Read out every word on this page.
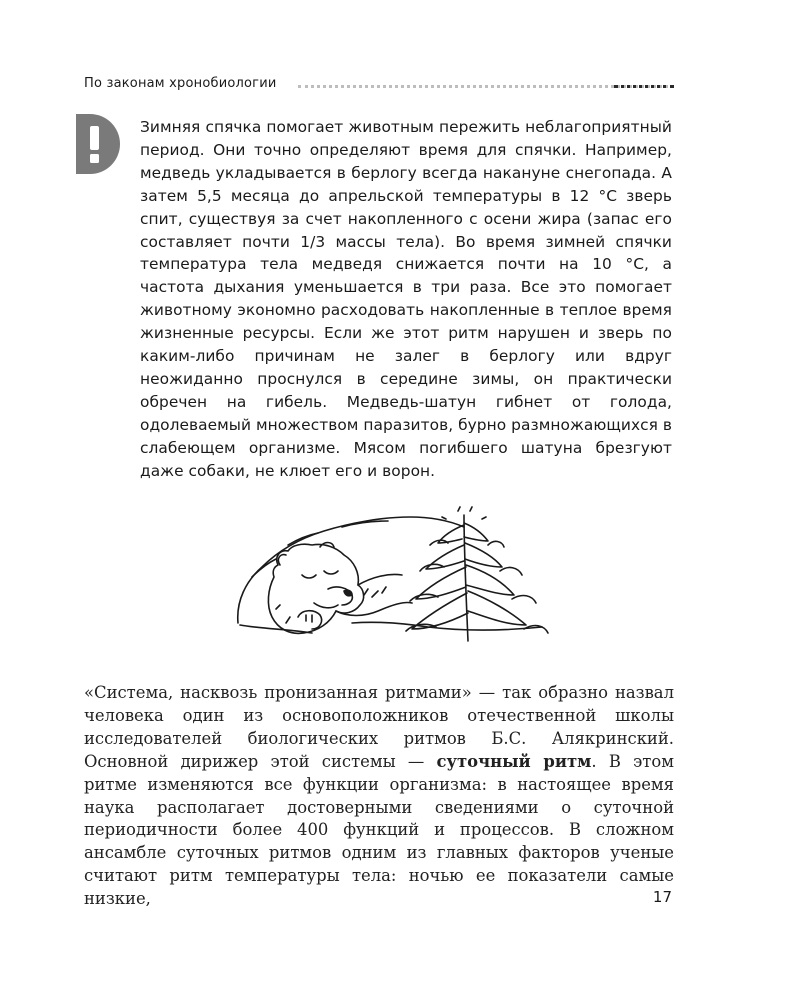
По законам хронобиологии

Зимняя спячка помогает животным пережить неблагоприятный период. Они точно определяют время для спячки. Например, медведь укладывается в берлогу всегда накануне снегопада. А затем 5,5 месяца до апрельской температуры в 12 °С зверь спит, существуя за счет накопленного с осени жира (запас его составляет почти 1/3 массы тела). Во время зимней спячки температура тела медведя снижается почти на 10 °С, а частота дыхания уменьшается в три раза. Все это помогает животному экономно расходовать накопленные в теплое время жизненные ресурсы. Если же этот ритм нарушен и зверь по каким-либо причинам не залег в берлогу или вдруг неожиданно проснулся в середине зимы, он практически обречен на гибель. Медведь-шатун гибнет от голода, одолеваемый множеством паразитов, бурно размножающихся в слабеющем организме. Мясом погибшего шатуна брезгуют даже собаки, не клюет его и ворон.

«Система, насквозь пронизанная ритмами» — так образно назвал человека один из основоположников отечественной школы исследователей биологических ритмов Б.С. Алякринский. Основной дирижер этой системы — суточный ритм. В этом ритме изменяются все функции организма: в настоящее время наука располагает достоверными сведениями о суточной периодичности более 400 функций и процессов. В сложном ансамбле суточных ритмов одним из главных факторов ученые считают ритм температуры тела: ночью ее показатели самые низкие,	17
